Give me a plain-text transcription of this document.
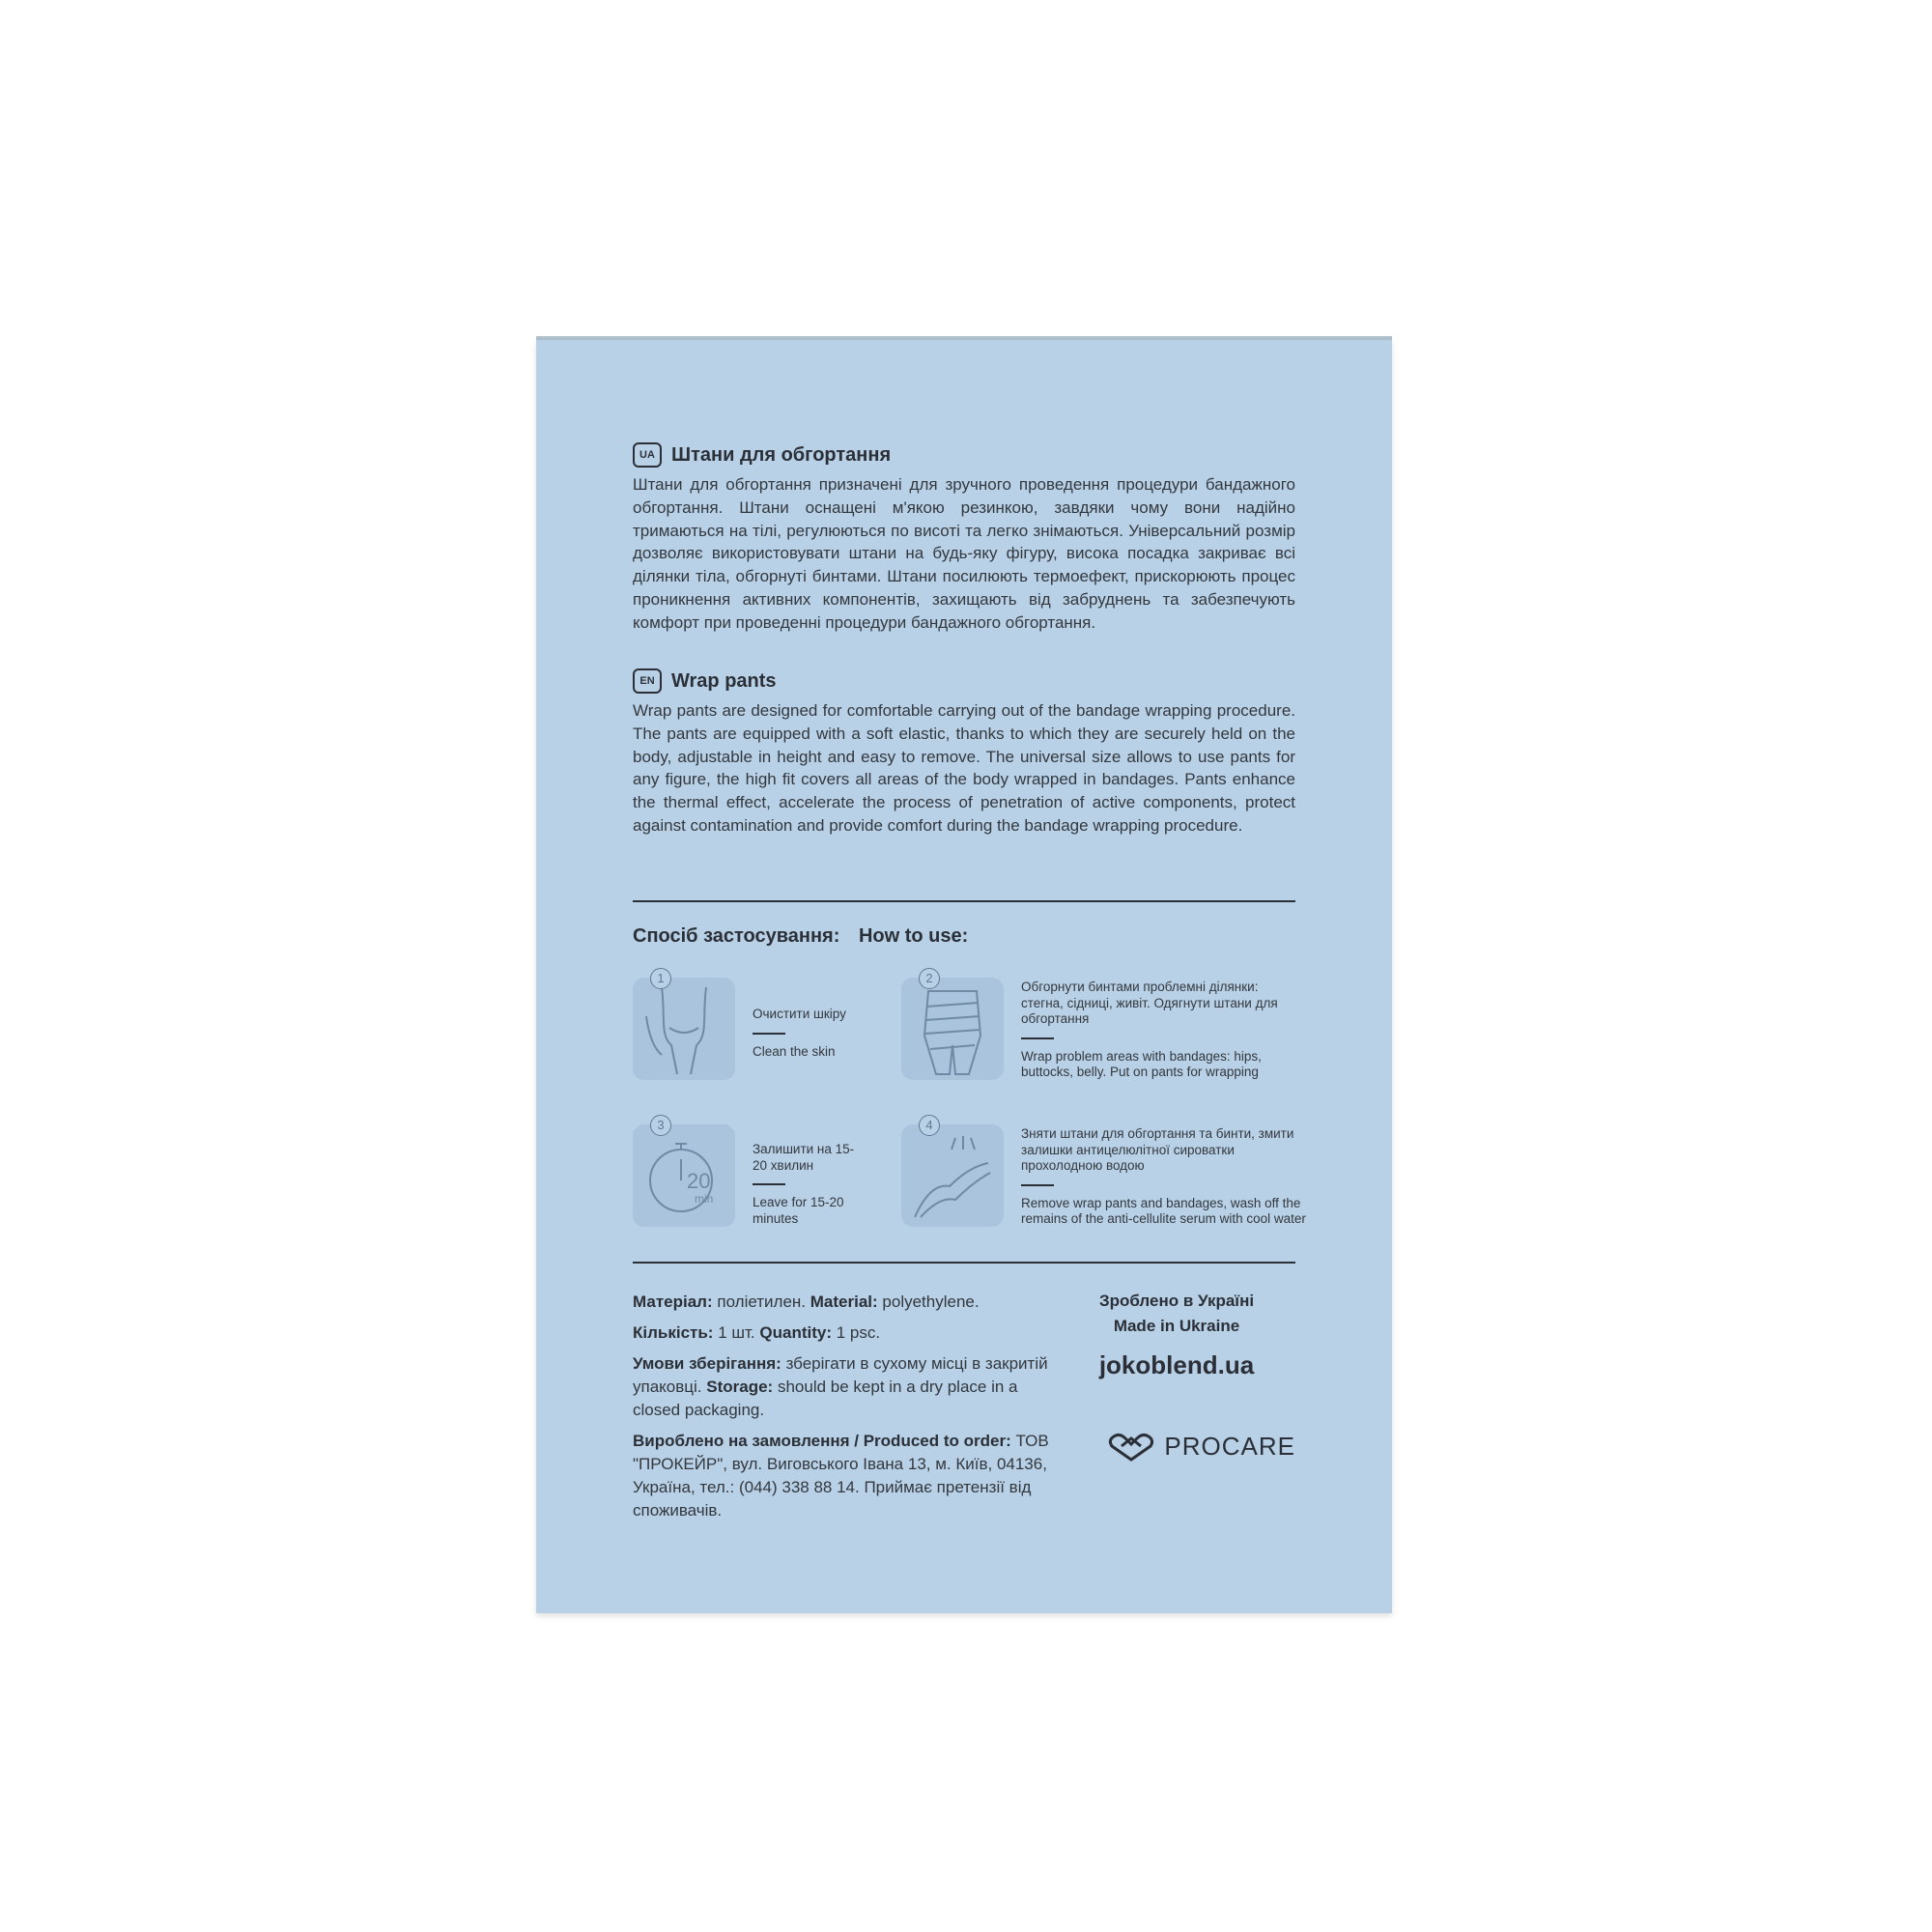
UA Штани для обгортання
Штани для обгортання призначені для зручного проведення процедури бандажного обгортання. Штани оснащені м'якою резинкою, завдяки чому вони надійно тримаються на тілі, регулюються по висоті та легко знімаються. Універсальний розмір дозволяє використовувати штани на будь-яку фігуру, висока посадка закриває всі ділянки тіла, обгорнуті бинтами. Штани посилюють термоефект, прискорюють процес проникнення активних компонентів, захищають від забруднень та забезпечують комфорт при проведенні процедури бандажного обгортання.
EN Wrap pants
Wrap pants are designed for comfortable carrying out of the bandage wrapping procedure. The pants are equipped with a soft elastic, thanks to which they are securely held on the body, adjustable in height and easy to remove. The universal size allows to use pants for any figure, the high fit covers all areas of the body wrapped in bandages. Pants enhance the thermal effect, accelerate the process of penetration of active components, protect against contamination and provide comfort during the bandage wrapping procedure.
Спосіб застосування: How to use:
1
Очистити шкіру
Clean the skin
2
Обгорнути бинтами проблемні ділянки: стегна, сідниці, живіт. Одягнути штани для обгортання
Wrap problem areas with bandages: hips, buttocks, belly. Put on pants for wrapping
20
min
3
Залишити на 15-20 хвилин
Leave for 15-20 minutes
4
Зняти штани для обгортання та бинти, змити залишки антицелюлітної сироватки прохолодною водою
Remove wrap pants and bandages, wash off the remains of the anti-cellulite serum with cool water
Матеріал: поліетилен. Material: polyethylene.
Кількість: 1 шт. Quantity: 1 psc.
Умови зберігання: зберігати в сухому місці в закритій упаковці. Storage: should be kept in a dry place in a closed packaging.
Вироблено на замовлення / Produced to order: ТОВ "ПРОКЕЙР", вул. Виговського Івана 13, м. Київ, 04136, Україна, тел.: (044) 338 88 14. Приймає претензії від споживачів.
Зроблено в Україні
Made in Ukraine
jokoblend.ua
PROCARE
